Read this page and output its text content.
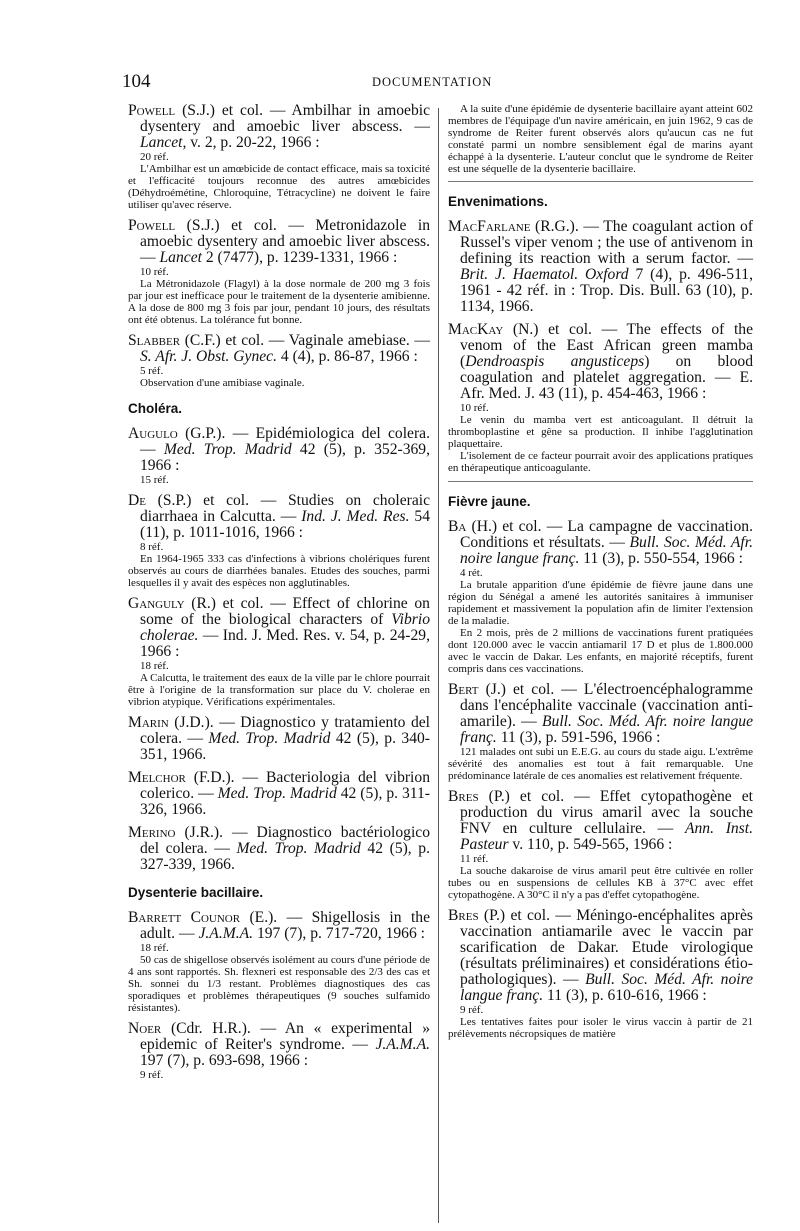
104	DOCUMENTATION

Powell (S.J.) et col. — Ambilhar in amoebic dysentery and amoebic liver abscess. — Lancet, v. 2, p. 20-22, 1966 :

20 réf.

L'Ambilhar est un amœbicide de contact efficace, mais sa toxicité et l'efficacité toujours reconnue des autres amœbicides (Déhydroémétine, Chloroquine, Tétracycline) ne doivent le faire utiliser qu'avec réserve.

Powell (S.J.) et col. — Metronidazole in amoebic dysentery and amoebic liver abscess. — Lancet 2 (7477), p. 1239-1331, 1966 :

10 réf.

La Métronidazole (Flagyl) à la dose normale de 200 mg 3 fois par jour est inefficace pour le traitement de la dysenterie amibienne. A la dose de 800 mg 3 fois par jour, pendant 10 jours, des résultats ont été obtenus. La tolérance fut bonne.

Slabber (C.F.) et col. — Vaginale amebiase. — S. Afr. J. Obst. Gynec. 4 (4), p. 86-87, 1966 :

5 réf.

Observation d'une amibiase vaginale.

Choléra.

Augulo (G.P.). — Epidémiologica del colera. — Med. Trop. Madrid 42 (5), p. 352-369, 1966 :

15 réf.

De (S.P.) et col. — Studies on choleraic diarrhaea in Calcutta. — Ind. J. Med. Res. 54 (11), p. 1011-1016, 1966 :

8 réf.

En 1964-1965 333 cas d'infections à vibrions cholériques furent observés au cours de diarrhées banales. Etudes des souches, parmi lesquelles il y avait des espèces non agglutinables.

Ganguly (R.) et col. — Effect of chlorine on some of the biological characters of Vibrio cholerae. — Ind. J. Med. Res. v. 54, p. 24-29, 1966 :

18 réf.

A Calcutta, le traitement des eaux de la ville par le chlore pourrait être à l'origine de la transformation sur place du V. cholerae en vibrion atypique. Vérifications expérimentales.

Marin (J.D.). — Diagnostico y tratamiento del colera. — Med. Trop. Madrid 42 (5), p. 340-351, 1966.

Melchor (F.D.). — Bacteriologia del vibrion colerico. — Med. Trop. Madrid 42 (5), p. 311-326, 1966.

Merino (J.R.). — Diagnostico bactériologico del colera. — Med. Trop. Madrid 42 (5), p. 327-339, 1966.

Dysenterie bacillaire.

Barrett Counor (E.). — Shigellosis in the adult. — J.A.M.A. 197 (7), p. 717-720, 1966 :

18 réf.

50 cas de shigellose observés isolément au cours d'une période de 4 ans sont rapportés. Sh. flexneri est responsable des 2/3 des cas et Sh. sonnei du 1/3 restant. Problèmes diagnostiques des cas sporadiques et problèmes thérapeutiques (9 souches sulfamido résistantes).

Noer (Cdr. H.R.). — An « experimental » epidemic of Reiter's syndrome. — J.A.M.A. 197 (7), p. 693-698, 1966 :

9 réf.

A la suite d'une épidémie de dysenterie bacillaire ayant atteint 602 membres de l'équipage d'un navire américain, en juin 1962, 9 cas de syndrome de Reiter furent observés alors qu'aucun cas ne fut constaté parmi un nombre sensiblement égal de marins ayant échappé à la dysenterie. L'auteur conclut que le syndrome de Reiter est une séquelle de la dysenterie bacillaire.

Envenimations.

MacFarlane (R.G.). — The coagulant action of Russel's viper venom ; the use of antivenom in defining its reaction with a serum factor. — Brit. J. Haematol. Oxford 7 (4), p. 496-511, 1961 - 42 réf. in : Trop. Dis. Bull. 63 (10), p. 1134, 1966.

MacKay (N.) et col. — The effects of the venom of the East African green mamba (Dendroaspis angusticeps) on blood coagulation and platelet aggregation. — E. Afr. Med. J. 43 (11), p. 454-463, 1966 :

10 réf.

Le venin du mamba vert est anticoagulant. Il détruit la thromboplastine et gêne sa production. Il inhibe l'agglutination plaquettaire.

L'isolement de ce facteur pourrait avoir des applications pratiques en thérapeutique anticoagulante.

Fièvre jaune.

Ba (H.) et col. — La campagne de vaccination. Conditions et résultats. — Bull. Soc. Méd. Afr. noire langue franç. 11 (3), p. 550-554, 1966 :

4 rét.

La brutale apparition d'une épidémie de fièvre jaune dans une région du Sénégal a amené les autorités sanitaires à immuniser rapidement et massivement la population afin de limiter l'extension de la maladie.

En 2 mois, près de 2 millions de vaccinations furent pratiquées dont 120.000 avec le vaccin antiamaril 17 D et plus de 1.800.000 avec le vaccin de Dakar. Les enfants, en majorité réceptifs, furent compris dans ces vaccinations.

Bert (J.) et col. — L'électroencéphalogramme dans l'encéphalite vaccinale (vaccination anti-amarile). — Bull. Soc. Méd. Afr. noire langue franç. 11 (3), p. 591-596, 1966 :

121 malades ont subi un E.E.G. au cours du stade aigu. L'extrême sévérité des anomalies est tout à fait remarquable. Une prédominance latérale de ces anomalies est relativement fréquente.

Bres (P.) et col. — Effet cytopathogène et production du virus amaril avec la souche FNV en culture cellulaire. — Ann. Inst. Pasteur v. 110, p. 549-565, 1966 :

11 réf.

La souche dakaroise de virus amaril peut être cultivée en roller tubes ou en suspensions de cellules KB à 37°C avec effet cytopathogène. A 30°C il n'y a pas d'effet cytopathogène.

Bres (P.) et col. — Méningo-encéphalites après vaccination antiamarile avec le vaccin par scarification de Dakar. Etude virologique (résultats préliminaires) et considérations étio-pathologiques). — Bull. Soc. Méd. Afr. noire langue franç. 11 (3), p. 610-616, 1966 :

9 réf.

Les tentatives faites pour isoler le virus vaccin à partir de 21 prélèvements nécropsiques de matière
